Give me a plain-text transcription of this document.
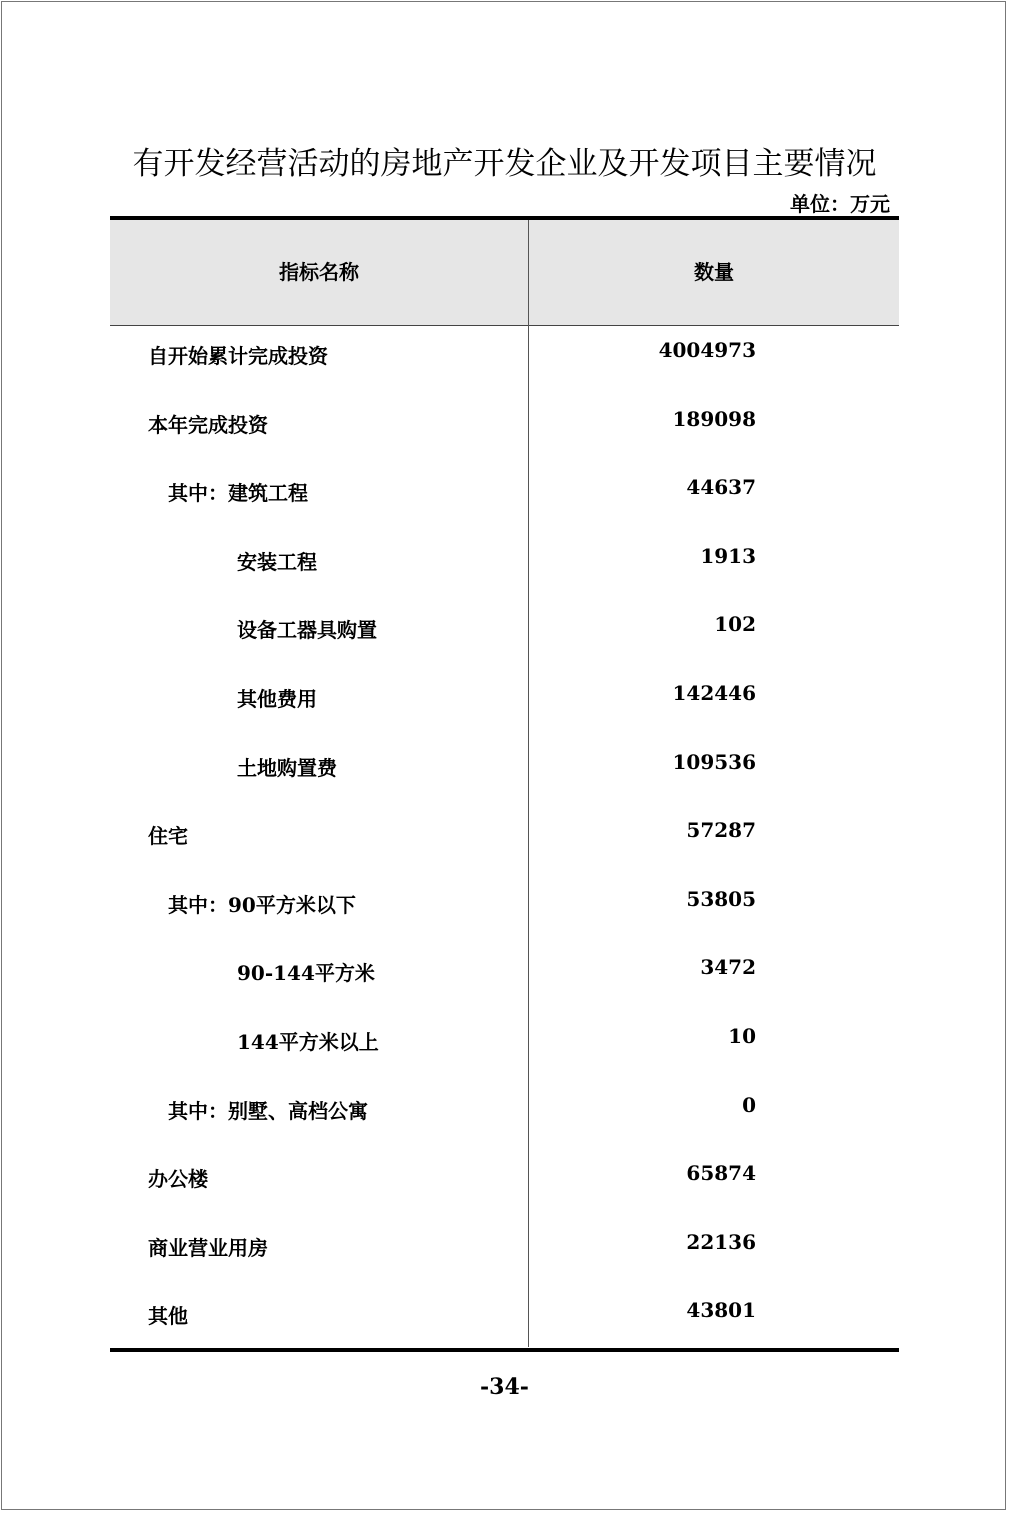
有开发经营活动的房地产开发企业及开发项目主要情况
单位：万元
指标名称	数量
自开始累计完成投资	4004973
本年完成投资	189098
其中：建筑工程	44637
安装工程	1913
设备工器具购置	102
其他费用	142446
土地购置费	109536
住宅	57287
其中：90平方米以下	53805
90-144平方米	3472
144平方米以上	10
其中：别墅、高档公寓	0
办公楼	65874
商业营业用房	22136
其他	43801
-34-
